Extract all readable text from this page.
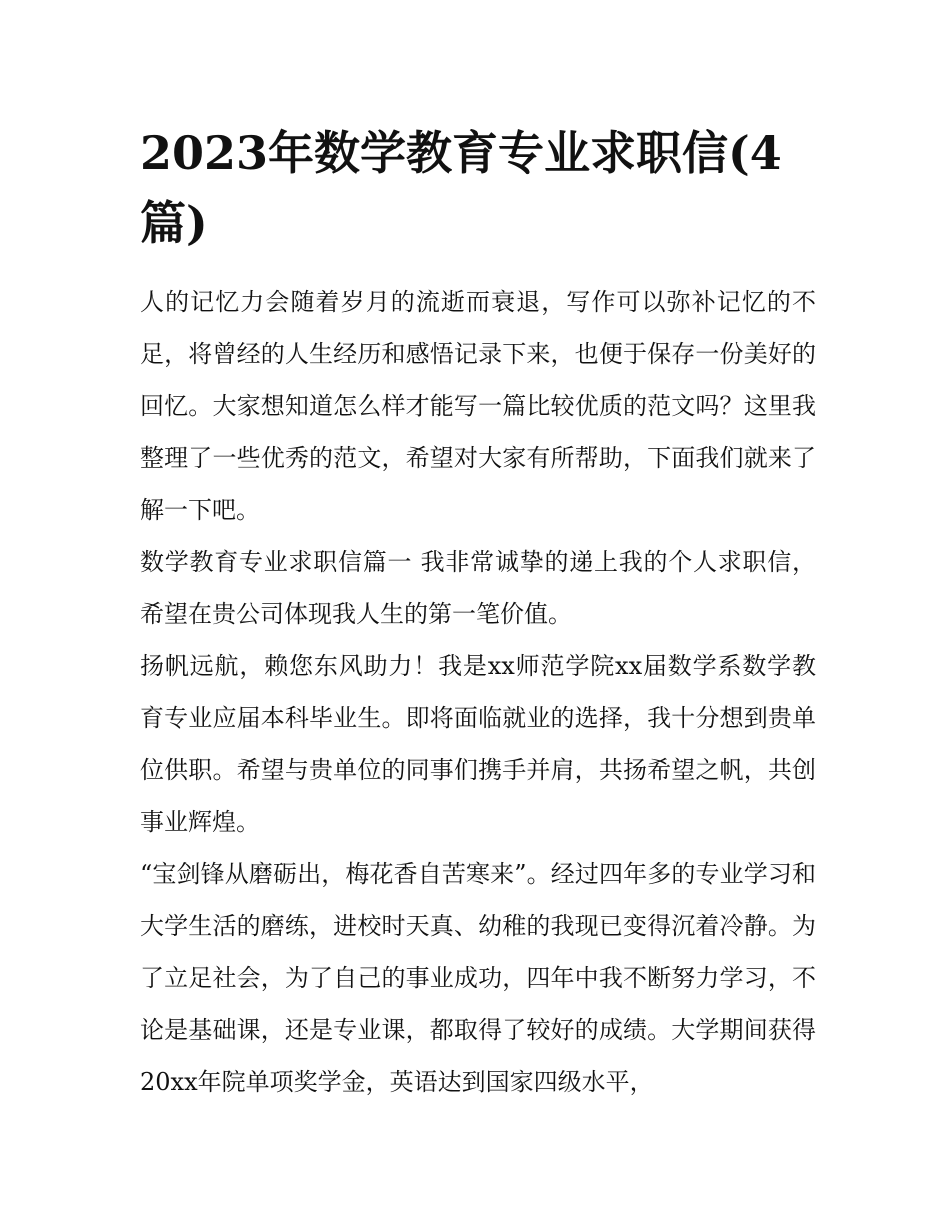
2023年数学教育专业求职信(4篇)

人的记忆力会随着岁月的流逝而衰退，写作可以弥补记忆的不足，将曾经的人生经历和感悟记录下来，也便于保存一份美好的回忆。大家想知道怎么样才能写一篇比较优质的范文吗？这里我整理了一些优秀的范文，希望对大家有所帮助，下面我们就来了解一下吧。

数学教育专业求职信篇一 我非常诚挚的递上我的个人求职信，希望在贵公司体现我人生的第一笔价值。

扬帆远航，赖您东风助力！我是xx师范学院xx届数学系数学教育专业应届本科毕业生。即将面临就业的选择，我十分想到贵单位供职。希望与贵单位的同事们携手并肩，共扬希望之帆，共创事业辉煌。

“宝剑锋从磨砺出，梅花香自苦寒来”。经过四年多的专业学习和大学生活的磨练，进校时天真、幼稚的我现已变得沉着冷静。为了立足社会，为了自己的事业成功，四年中我不断努力学习，不论是基础课，还是专业课，都取得了较好的成绩。大学期间获得20xx年院单项奖学金，英语达到国家四级水平，
